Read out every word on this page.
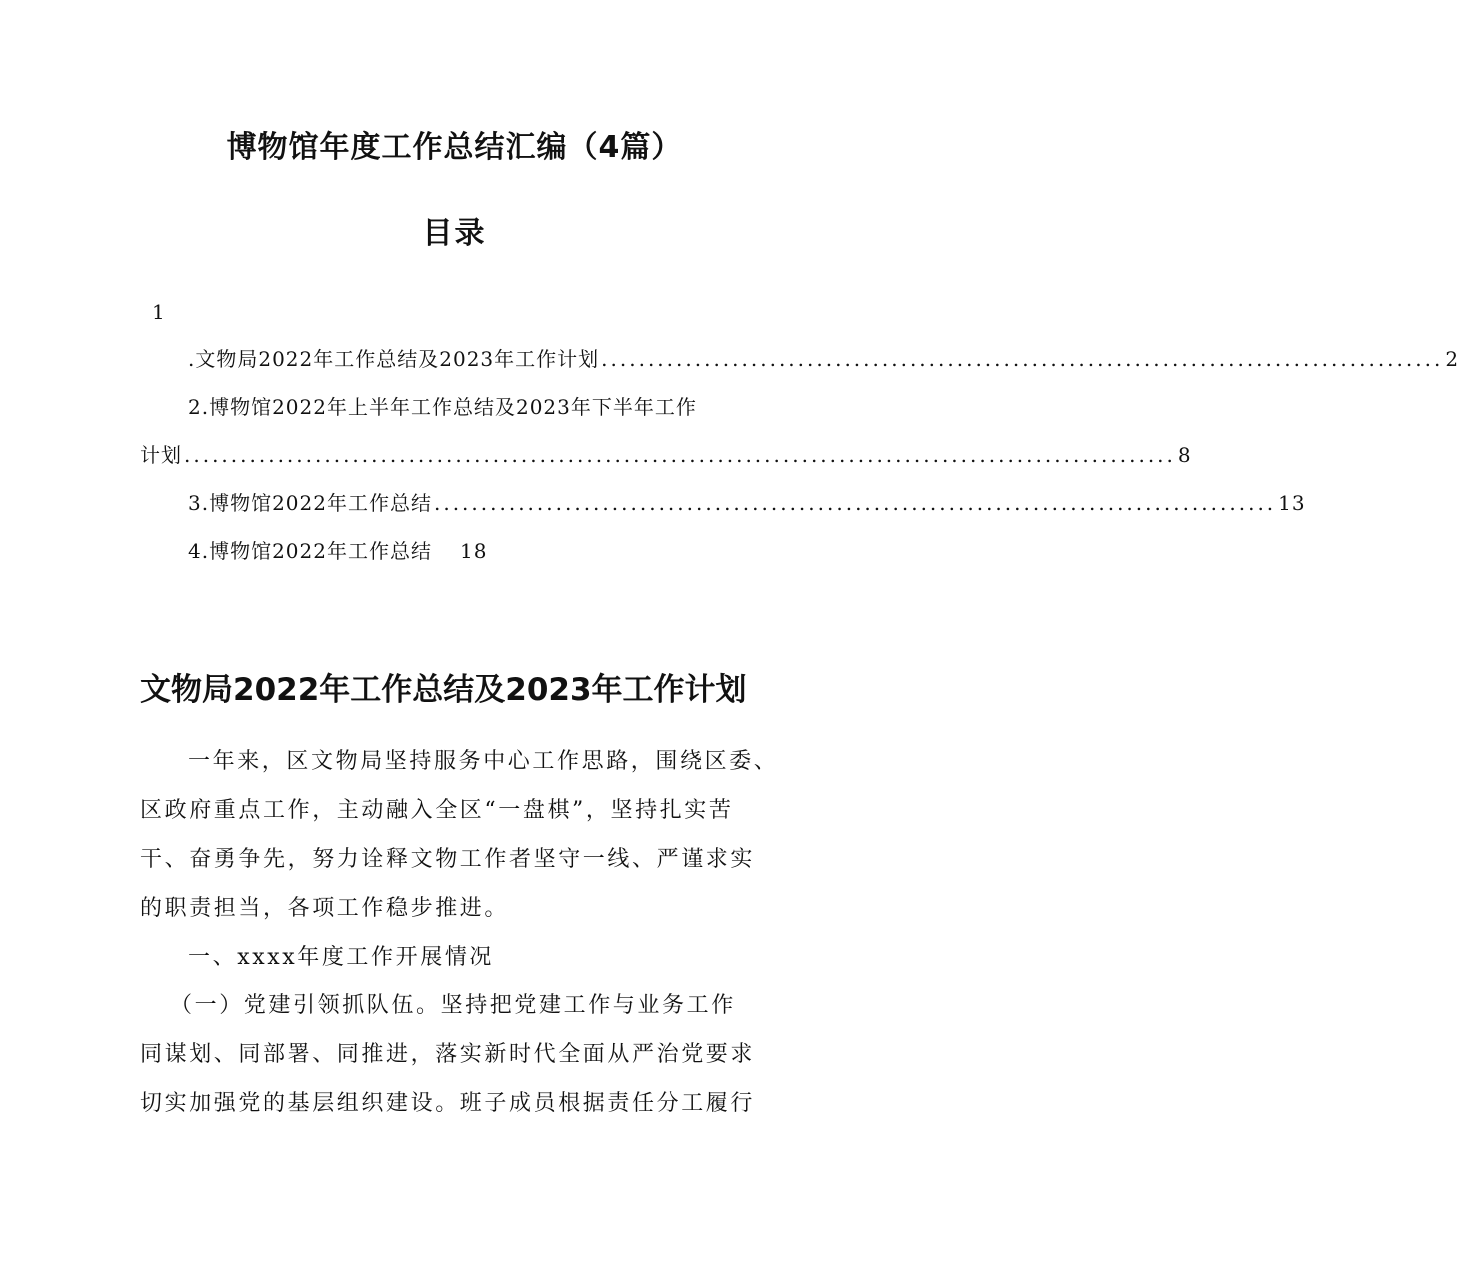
博物馆年度工作总结汇编（4篇）
目录
1
.文物局2022年工作总结及2023年工作计划 .......................................................................................... 2
2.博物馆2022年上半年工作总结及2023年下半年工作
计划 .......................................................................................................... 8
3.博物馆2022年工作总结 .......................................................................................... 13
4.博物馆2022年工作总结 18
文物局2022年工作总结及2023年工作计划
一年来，区文物局坚持服务中心工作思路，围绕区委、
区政府重点工作，主动融入全区“一盘棋”，坚持扎实苦
干、奋勇争先，努力诠释文物工作者坚守一线、严谨求实
的职责担当，各项工作稳步推进。
一、xxxx年度工作开展情况
（一）党建引领抓队伍。坚持把党建工作与业务工作
同谋划、同部署、同推进，落实新时代全面从严治党要求
切实加强党的基层组织建设。班子成员根据责任分工履行
